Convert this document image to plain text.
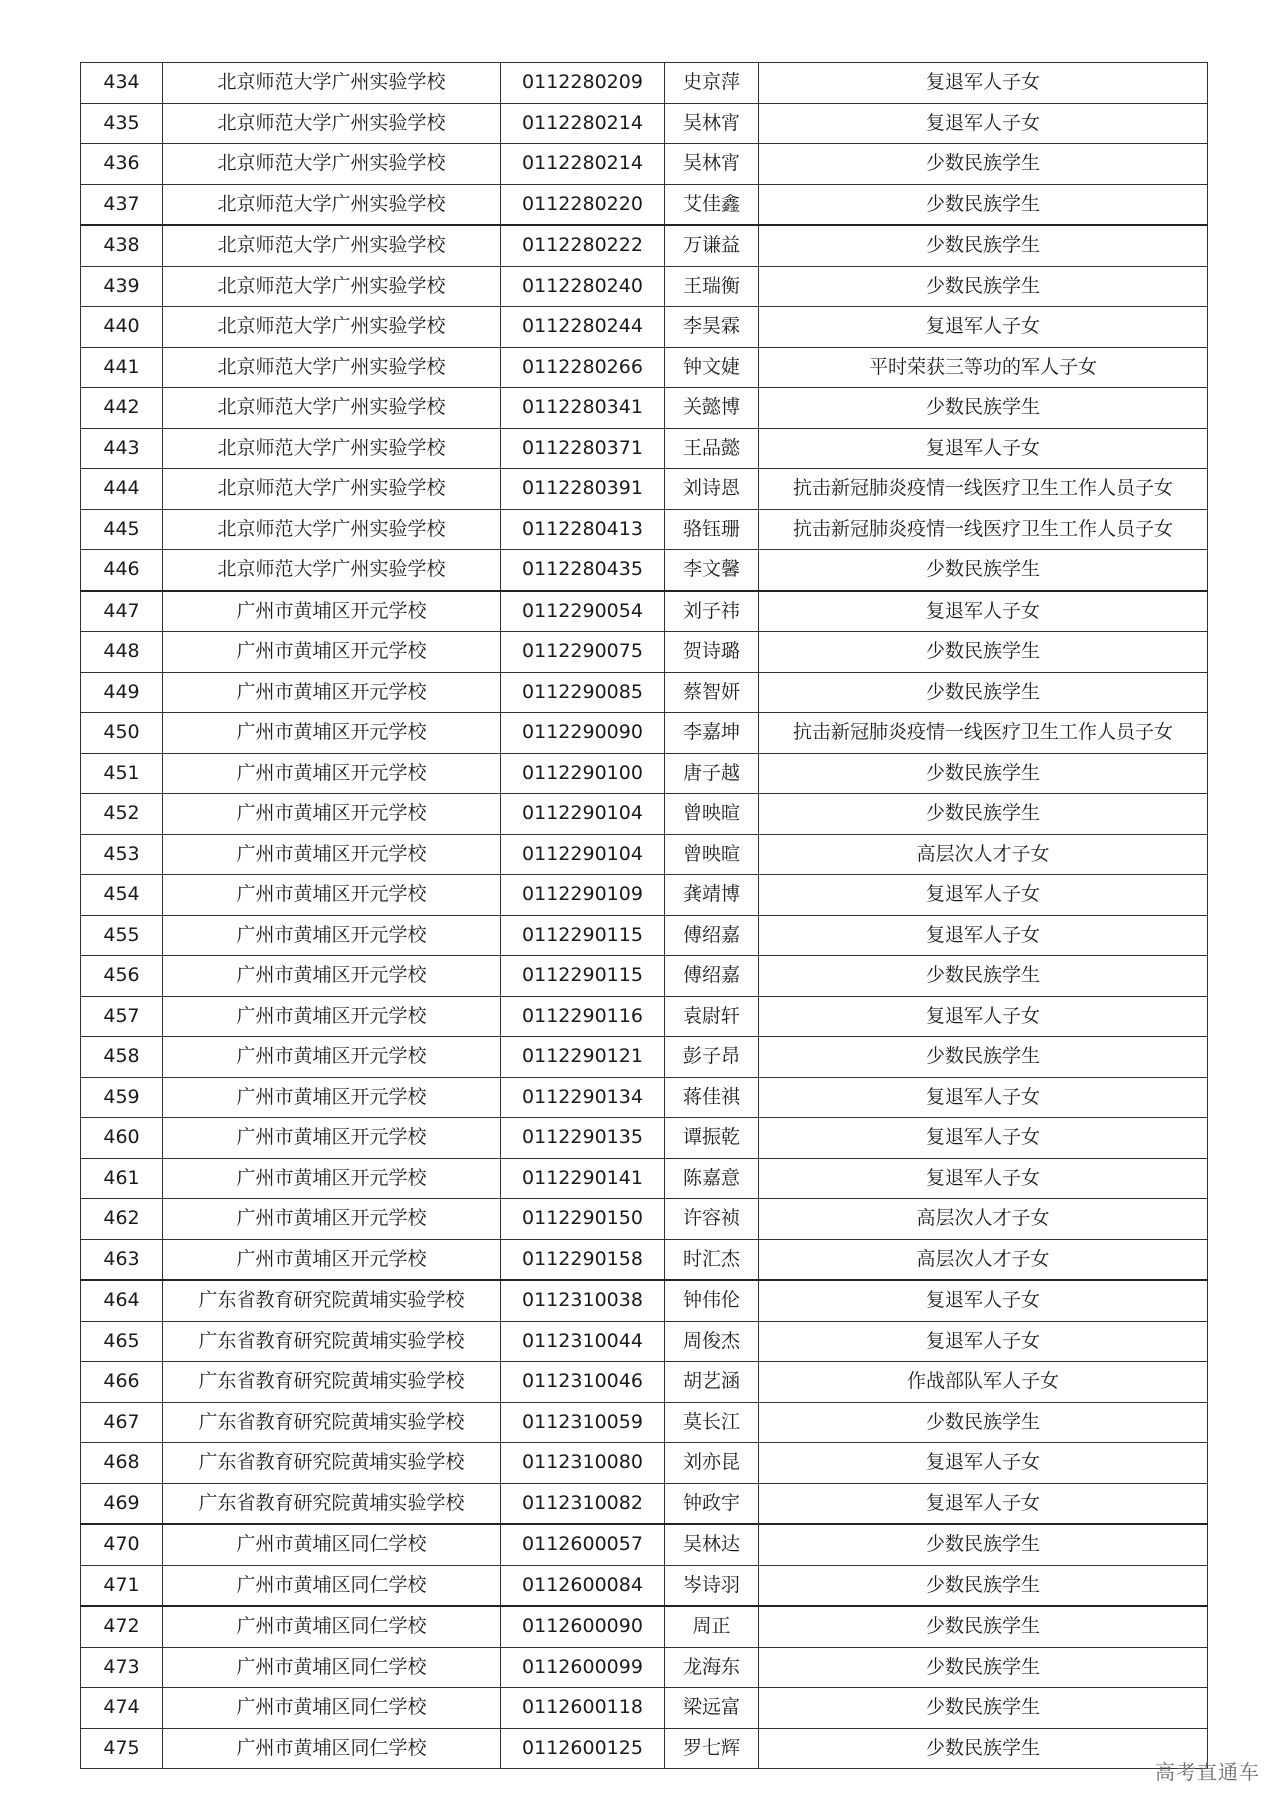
434	北京师范大学广州实验学校	0112280209	史京萍	复退军人子女
435	北京师范大学广州实验学校	0112280214	吴林宵	复退军人子女
436	北京师范大学广州实验学校	0112280214	吴林宵	少数民族学生
437	北京师范大学广州实验学校	0112280220	艾佳鑫	少数民族学生
438	北京师范大学广州实验学校	0112280222	万谦益	少数民族学生
439	北京师范大学广州实验学校	0112280240	王瑞衡	少数民族学生
440	北京师范大学广州实验学校	0112280244	李昊霖	复退军人子女
441	北京师范大学广州实验学校	0112280266	钟文婕	平时荣获三等功的军人子女
442	北京师范大学广州实验学校	0112280341	关懿博	少数民族学生
443	北京师范大学广州实验学校	0112280371	王品懿	复退军人子女
444	北京师范大学广州实验学校	0112280391	刘诗恩	抗击新冠肺炎疫情一线医疗卫生工作人员子女
445	北京师范大学广州实验学校	0112280413	骆钰珊	抗击新冠肺炎疫情一线医疗卫生工作人员子女
446	北京师范大学广州实验学校	0112280435	李文馨	少数民族学生
447	广州市黄埔区开元学校	0112290054	刘子祎	复退军人子女
448	广州市黄埔区开元学校	0112290075	贺诗璐	少数民族学生
449	广州市黄埔区开元学校	0112290085	蔡智妍	少数民族学生
450	广州市黄埔区开元学校	0112290090	李嘉坤	抗击新冠肺炎疫情一线医疗卫生工作人员子女
451	广州市黄埔区开元学校	0112290100	唐子越	少数民族学生
452	广州市黄埔区开元学校	0112290104	曾映暄	少数民族学生
453	广州市黄埔区开元学校	0112290104	曾映暄	高层次人才子女
454	广州市黄埔区开元学校	0112290109	龚靖博	复退军人子女
455	广州市黄埔区开元学校	0112290115	傅绍嘉	复退军人子女
456	广州市黄埔区开元学校	0112290115	傅绍嘉	少数民族学生
457	广州市黄埔区开元学校	0112290116	袁尉轩	复退军人子女
458	广州市黄埔区开元学校	0112290121	彭子昂	少数民族学生
459	广州市黄埔区开元学校	0112290134	蒋佳祺	复退军人子女
460	广州市黄埔区开元学校	0112290135	谭振乾	复退军人子女
461	广州市黄埔区开元学校	0112290141	陈嘉意	复退军人子女
462	广州市黄埔区开元学校	0112290150	许容祯	高层次人才子女
463	广州市黄埔区开元学校	0112290158	时汇杰	高层次人才子女
464	广东省教育研究院黄埔实验学校	0112310038	钟伟伦	复退军人子女
465	广东省教育研究院黄埔实验学校	0112310044	周俊杰	复退军人子女
466	广东省教育研究院黄埔实验学校	0112310046	胡艺涵	作战部队军人子女
467	广东省教育研究院黄埔实验学校	0112310059	莫长江	少数民族学生
468	广东省教育研究院黄埔实验学校	0112310080	刘亦昆	复退军人子女
469	广东省教育研究院黄埔实验学校	0112310082	钟政宇	复退军人子女
470	广州市黄埔区同仁学校	0112600057	吴林达	少数民族学生
471	广州市黄埔区同仁学校	0112600084	岑诗羽	少数民族学生
472	广州市黄埔区同仁学校	0112600090	周正	少数民族学生
473	广州市黄埔区同仁学校	0112600099	龙海东	少数民族学生
474	广州市黄埔区同仁学校	0112600118	梁远富	少数民族学生
475	广州市黄埔区同仁学校	0112600125	罗七辉	少数民族学生
高考直通车
